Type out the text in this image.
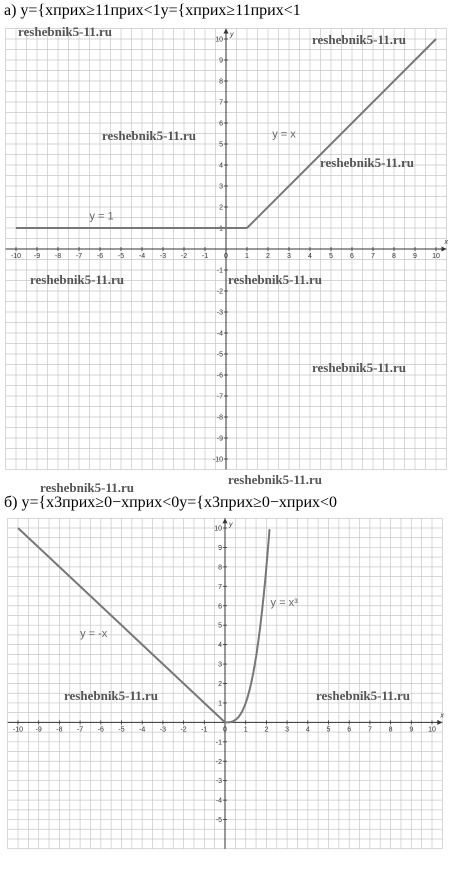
а) y={xприх≥11прих<1y={xприх≥11прих<1
б) y={x3прих≥0−xприх<0y={x3прих≥0−xприх<0
x
y
-10 -9 -8 -7 -6 -5 -4 -3 -2 -1 0 1 2 3 4 5 6 7 8 9 10
10
9
8
7
6
5
4
3
2
1
-1
-2
-3
-4
-5
-6
-7
-8
-9
-10
y = 1
y = x
x
y
-10 -9 -8 -7 -6 -5 -4 -3 -2 -1 0 1 2 3 4 5 6 7 8 9 10
10
9
8
7
6
5
4
3
2
1
-1
-2
-3
-4
-5
y = -x
y = x³
reshebnik5-11.ru
reshebnik5-11.ru
reshebnik5-11.ru
reshebnik5-11.ru
reshebnik5-11.ru	reshebnik5-11.ru
reshebnik5-11.ru
reshebnik5-11.ru
reshebnik5-11.ru
reshebnik5-11.ru	reshebnik5-11.ru
